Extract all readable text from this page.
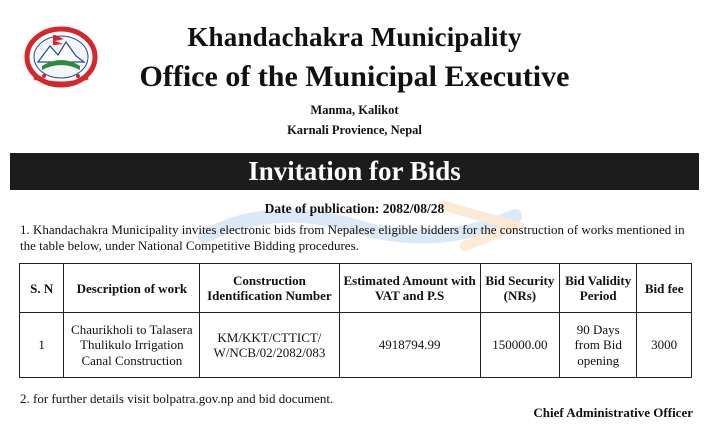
Khandachakra Municipality
Office of the Municipal Executive
Manma, Kalikot
Karnali Provience, Nepal
Invitation for Bids
Date of publication: 2082/08/28
1. Khandachakra Municipality invites electronic bids from Nepalese eligible bidders for the construction of works mentioned in the table below, under National Competitive Bidding procedures.
S. N	Description of work	Construction Identification Number	Estimated Amount with VAT and P.S	Bid Security (NRs)	Bid Validity Period	Bid fee
1	Chaurikholi to Talasera Thulikulo Irrigation Canal Construction	KM/KKT/CTTICT/ W/NCB/02/2082/083	4918794.99	150000.00	90 Days from Bid opening	3000
2. for further details visit bolpatra.gov.np and bid document.
Chief Administrative Officer
